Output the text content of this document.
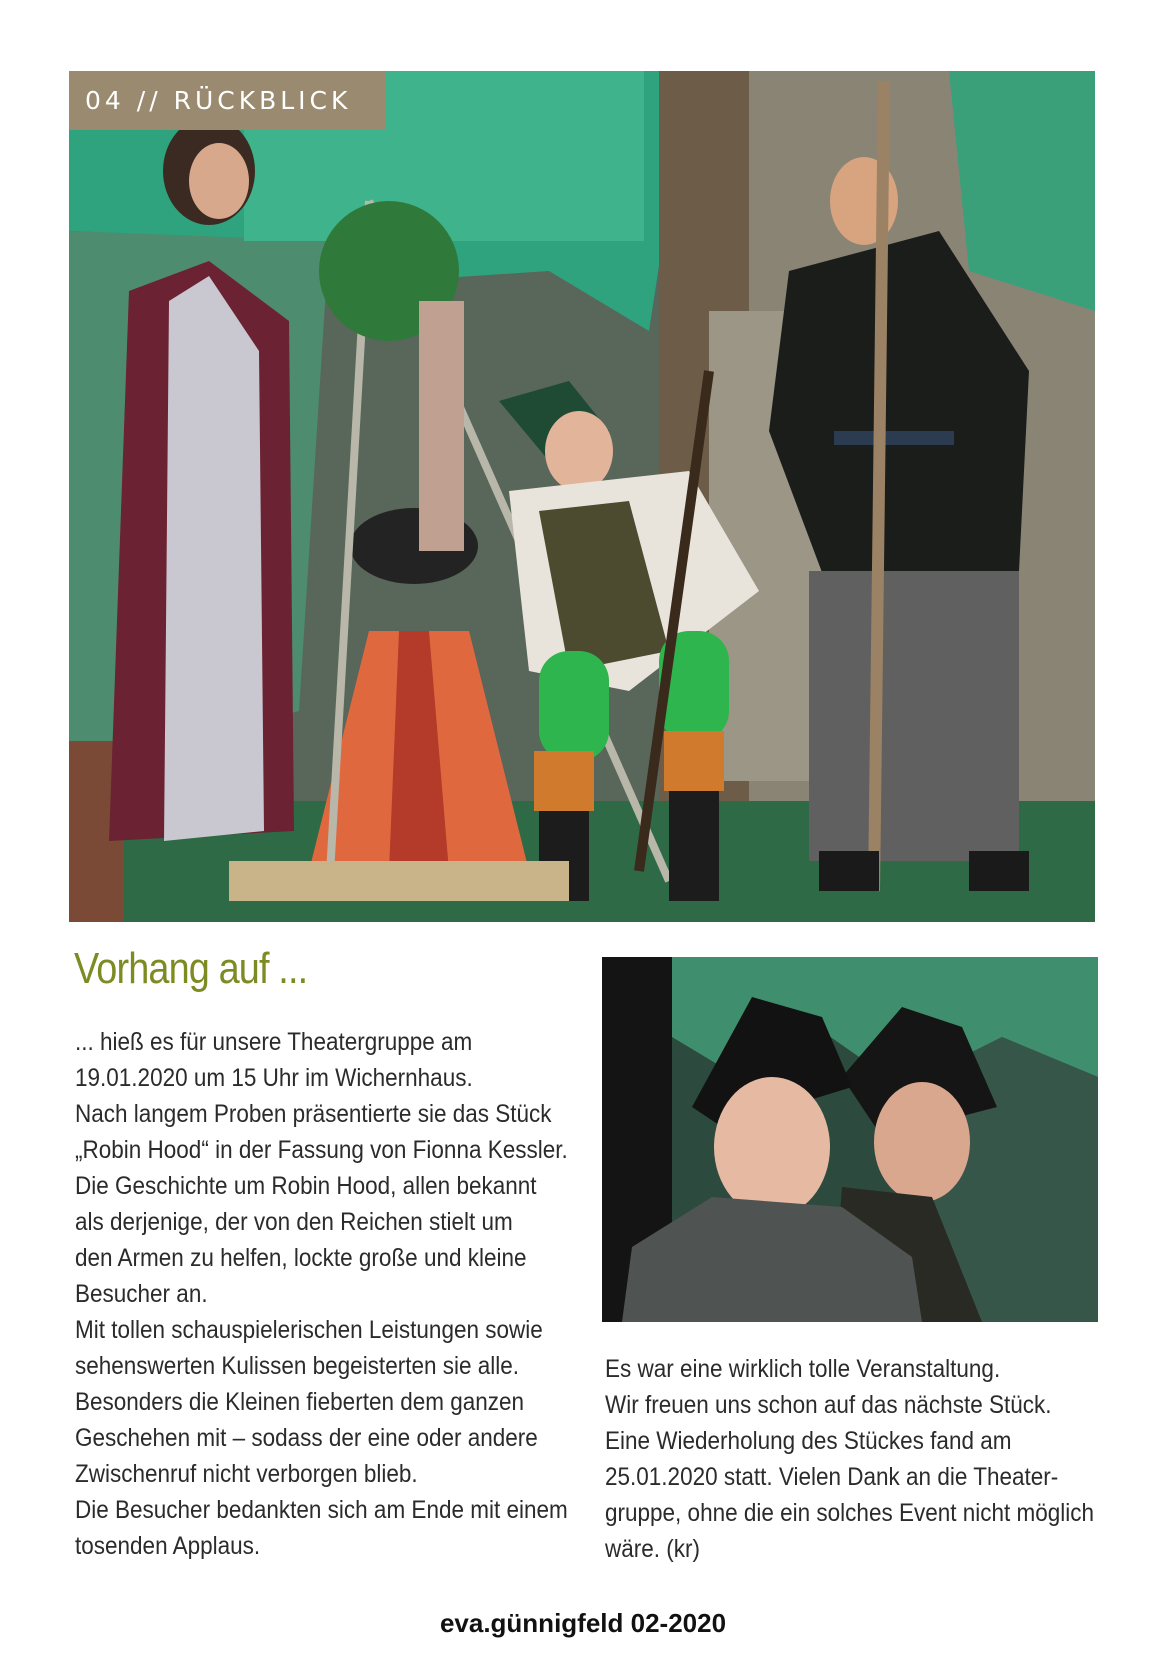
04 // RÜCKBLICK
Vorhang auf ...
... hieß es für unsere Theatergruppe am
19.01.2020 um 15 Uhr im Wichernhaus.
Nach langem Proben präsentierte sie das Stück
„Robin Hood“ in der Fassung von Fionna Kessler.
Die Geschichte um Robin Hood, allen bekannt
als derjenige, der von den Reichen stielt um
den Armen zu helfen, lockte große und kleine
Besucher an.
Mit tollen schauspielerischen Leistungen sowie
sehenswerten Kulissen begeisterten sie alle.
Besonders die Kleinen fieberten dem ganzen
Geschehen mit – sodass der eine oder andere
Zwischenruf nicht verborgen blieb.
Die Besucher bedankten sich am Ende mit einem
tosenden Applaus.
Es war eine wirklich tolle Veranstaltung.
Wir freuen uns schon auf das nächste Stück.
Eine Wiederholung des Stückes fand am
25.01.2020 statt. Vielen Dank an die Theater-
gruppe, ohne die ein solches Event nicht möglich
wäre. (kr)
eva.günnigfeld 02-2020
